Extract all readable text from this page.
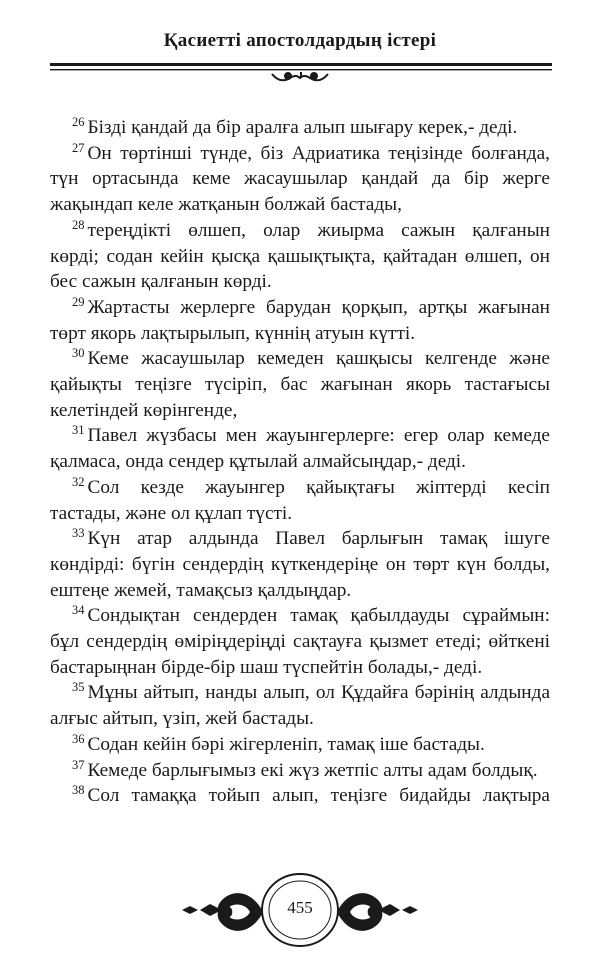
Қасиетті апостолдардың істері
$^{26}$ Бізді қандай да бір аралға алып шығару керек,- деді.
$^{27}$ Он төртінші түнде, біз Адриатика теңізінде болғанда,
түн ортасында кеме жасаушылар қандай да бір жерге
жақындап келе жатқанын болжай бастады,
$^{28}$ тереңдікті өлшеп, олар жиырма сажын қалғанын
көрді; содан кейін қысқа қашықтықта, қайтадан өлшеп, он
бес сажын қалғанын көрді.
$^{29}$ Жартасты жерлерге барудан қорқып, артқы жағынан
төрт якорь лақтырылып, күннің атуын күтті.
$^{30}$ Кеме жасаушылар кемеден қашқысы келгенде және
қайықты теңізге түсіріп, бас жағынан якорь тастағысы
келетіндей көрінгенде,
$^{31}$ Павел жүзбасы мен жауынгерлерге: егер олар кемеде
қалмаса, онда сендер құтылай алмайсыңдар,- деді.
$^{32}$ Сол кезде жауынгер қайықтағы жіптерді кесіп
тастады, және ол құлап түсті.
$^{33}$ Күн атар алдында Павел барлығын тамақ ішуге
көндірді: бүгін сендердің күткендеріңе он төрт күн болды,
ештеңе жемей, тамақсыз қалдыңдар.
$^{34}$ Сондықтан сендерден тамақ қабылдауды сұраймын:
бұл сендердің өміріңдеріңді сақтауға қызмет етеді; өйткені
бастарыңнан бірде-бір шаш түспейтін болады,- деді.
$^{35}$ Мұны айтып, нанды алып, ол Құдайға бәрінің алдында
алғыс айтып, үзіп, жей бастады.
$^{36}$ Содан кейін бәрі жігерленіп, тамақ іше бастады.
$^{37}$ Кемеде барлығымыз екі жүз жетпіс алты адам болдық.
$^{38}$ Сол тамаққа тойып алып, теңізге бидайды лақтыра
455
